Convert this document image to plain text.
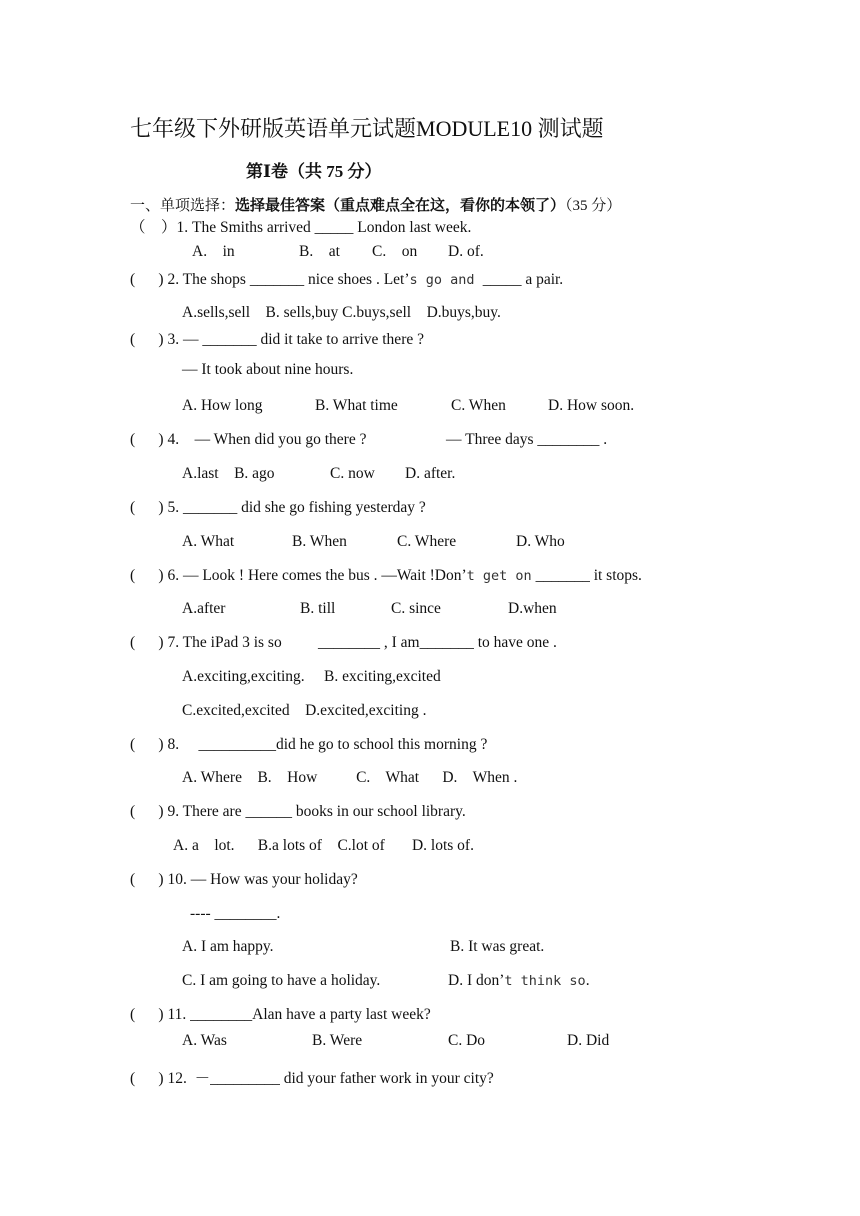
七年级下外研版英语单元试题MODULE10 测试题
第Ⅰ卷（共 75 分）
一、单项选择：选择最佳答案（重点难点全在这，看你的本领了）（35 分）
（    ）1. The Smiths arrived _____ London last week.
A.    in	B.    at C.    on D. of.
(      ) 2. The shops _______ nice shoes . Let’s go and _____ a pair.
A.sells,sell    B. sells,buy C.buys,sell    D.buys,buy.
(      ) 3. — _______ did it take to arrive there ?
— It took about nine hours.
A. How long	B. What time	C. When	D. How soon.
(      ) 4.    — When did you go there ?	— Three days ________ .
A.last    B. ago	C. now D. after.
(      ) 5. _______ did she go fishing yesterday ?
A. What	B. When	C. Where	D. Who
(      ) 6. — Look ! Here comes the bus . —Wait !Don’t get on _______ it stops.
A.after	B. till	C. since	D.when
(      ) 7. The iPad 3 is so ________ , I am_______ to have one .
A.exciting,exciting.     B. exciting,excited
C.excited,excited    D.excited,exciting .
(      ) 8.     __________did he go to school this morning ?
A. Where    B.    How          C.    What      D.    When .
(      ) 9. There are ______ books in our school library.
A. a    lot.      B.a lots of    C.lot of       D. lots of.
(      ) 10. — How was your holiday?
---- ________.
A. I am happy.	B. It was great.
C. I am going to have a holiday.	D. I don’t think so.
(      ) 11. ________Alan have a party last week?
A. Was	B. Were	C. Do	D. Did
(      ) 12.  －_________ did your father work in your city?
